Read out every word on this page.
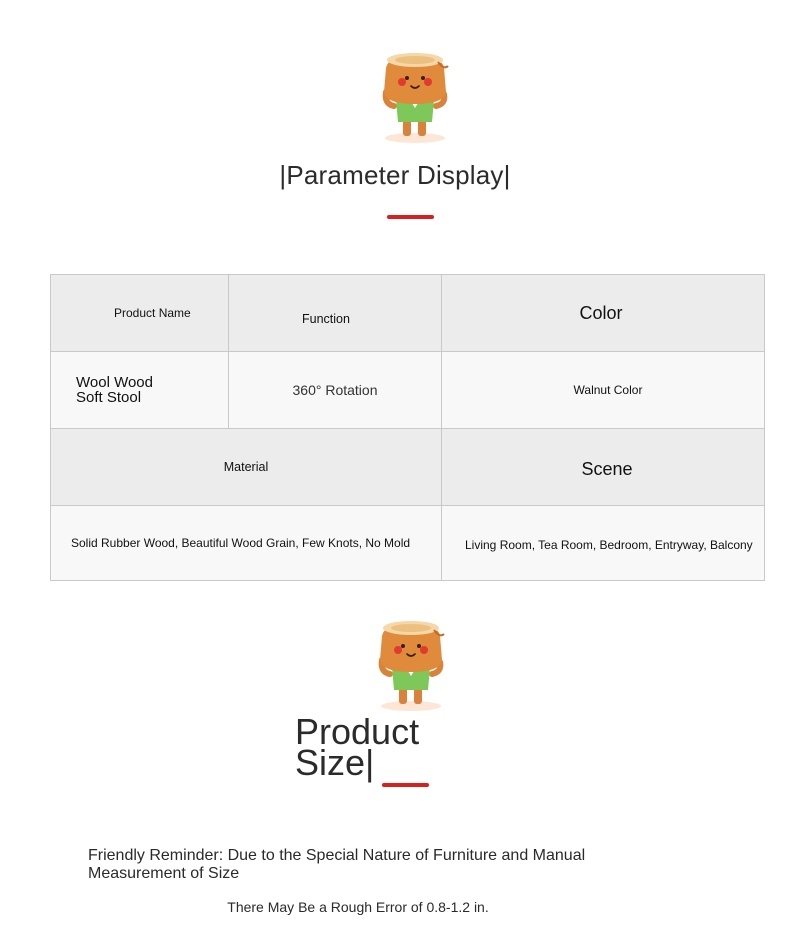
|Parameter Display|
Product Name	Function	Color

Wool Wood
Soft Stool	360° Rotation	Walnut Color

Material		Scene

Solid Rubber Wood, Beautiful Wood Grain, Few Knots, No Mold		Living Room, Tea Room, Bedroom, Entryway, Balcony
Product
Size|
Friendly Reminder: Due to the Special Nature of Furniture and Manual Measurement of Size
There May Be a Rough Error of 0.8-1.2 in.
